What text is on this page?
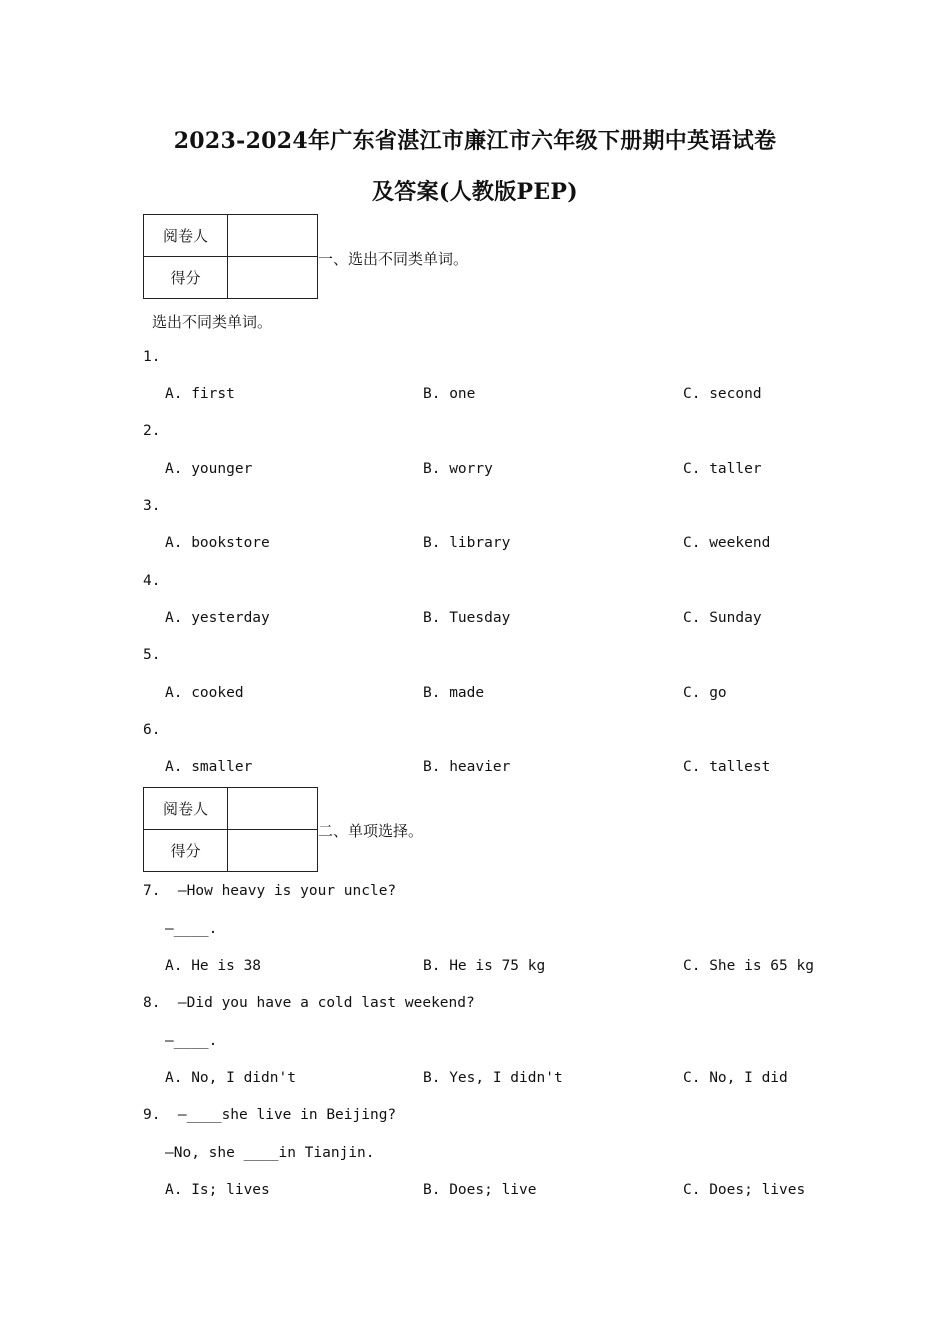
2023-2024年广东省湛江市廉江市六年级下册期中英语试卷
及答案(人教版PEP)
阅卷人	
得分	
一、选出不同类单词。
选出不同类单词。
1.
A. first	B. one	C. second
2.
A. younger	B. worry	C. taller
3.
A. bookstore	B. library	C. weekend
4.
A. yesterday	B. Tuesday	C. Sunday
5.
A. cooked	B. made	C. go
6.
A. smaller	B. heavier	C. tallest
阅卷人	
得分	
二、单项选择。
7.  —How heavy is your uncle?
—____.
A. He is 38	B. He is 75 kg	C. She is 65 kg
8.  —Did you have a cold last weekend?
—____.
A. No, I didn't	B. Yes, I didn't	C. No, I did
9.  —____she live in Beijing?
—No, she ____in Tianjin.
A. Is; lives	B. Does; live	C. Does; lives
